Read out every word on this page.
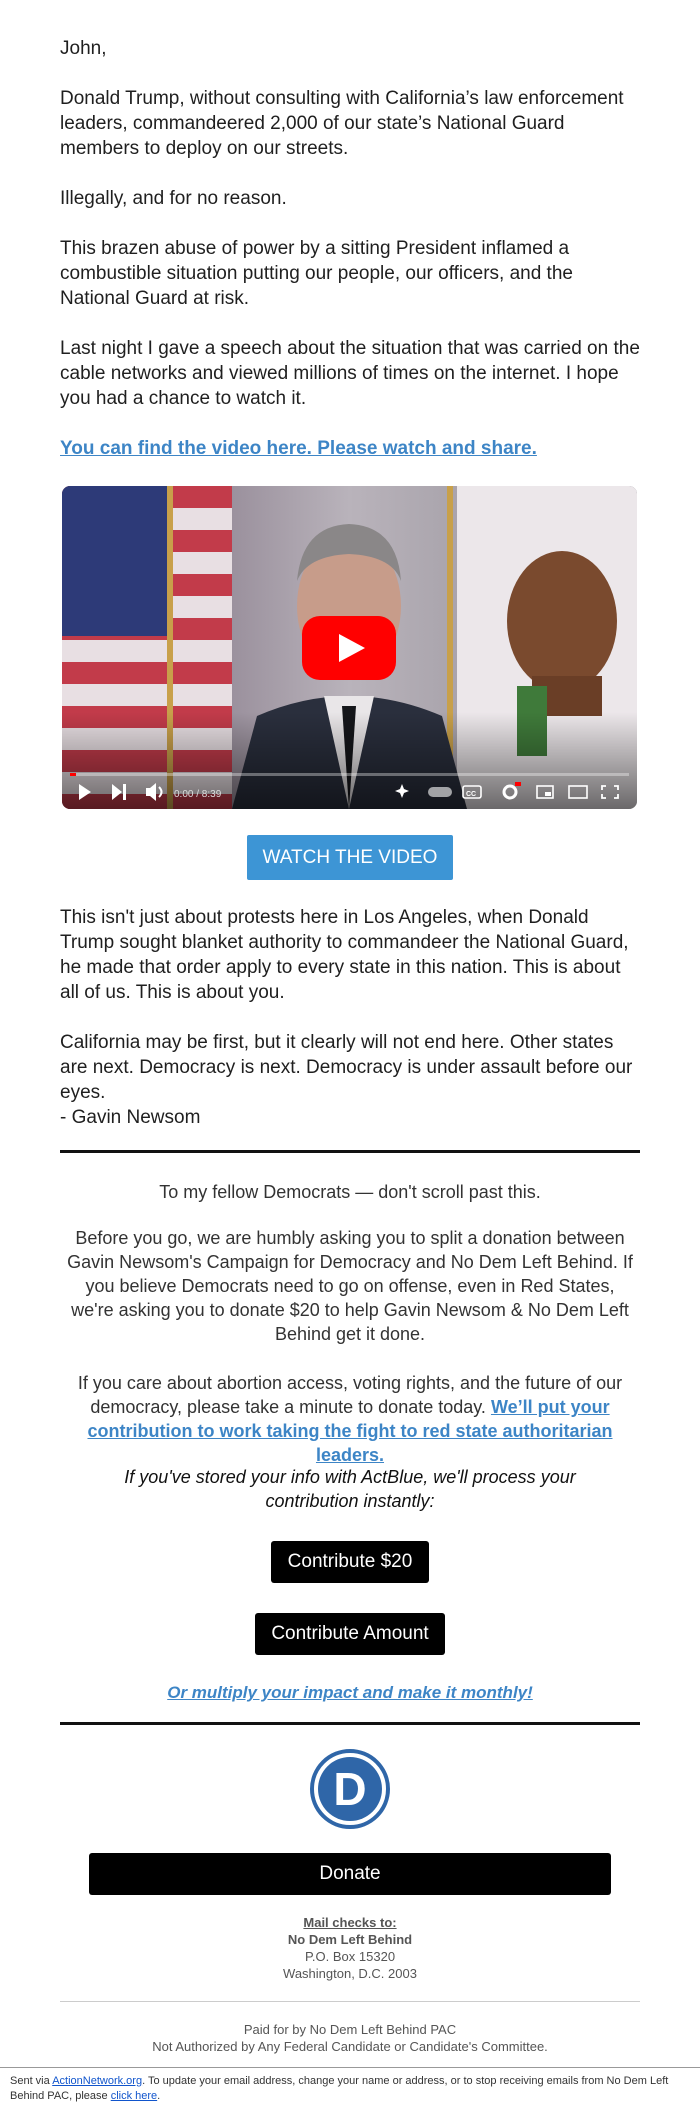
John,
Donald Trump, without consulting with California’s law enforcement leaders, commandeered 2,000 of our state’s National Guard members to deploy on our streets.
Illegally, and for no reason.
This brazen abuse of power by a sitting President inflamed a combustible situation putting our people, our officers, and the National Guard at risk.
Last night I gave a speech about the situation that was carried on the cable networks and viewed millions of times on the internet. I hope you had a chance to watch it.
You can find the video here. Please watch and share.
0:00 / 8:39	CC
WATCH THE VIDEO
This isn't just about protests here in Los Angeles, when Donald Trump sought blanket authority to commandeer the National Guard, he made that order apply to every state in this nation. This is about all of us. This is about you.
California may be first, but it clearly will not end here. Other states are next. Democracy is next. Democracy is under assault before our eyes.
- Gavin Newsom
To my fellow Democrats — don't scroll past this.
Before you go, we are humbly asking you to split a donation between Gavin Newsom's Campaign for Democracy and No Dem Left Behind. If you believe Democrats need to go on offense, even in Red States, we're asking you to donate $20 to help Gavin Newsom & No Dem Left Behind get it done.
If you care about abortion access, voting rights, and the future of our democracy, please take a minute to donate today. We’ll put your contribution to work taking the fight to red state authoritarian leaders.
If you've stored your info with ActBlue, we'll process your contribution instantly:
Contribute $20
Contribute Amount
Or multiply your impact and make it monthly!
D
Donate
Mail checks to:
No Dem Left Behind
P.O. Box 15320
Washington, D.C. 2003
Paid for by No Dem Left Behind PAC
Not Authorized by Any Federal Candidate or Candidate's Committee.
Sent via ActionNetwork.org. To update your email address, change your name or address, or to stop receiving emails from No Dem Left Behind PAC, please click here.
